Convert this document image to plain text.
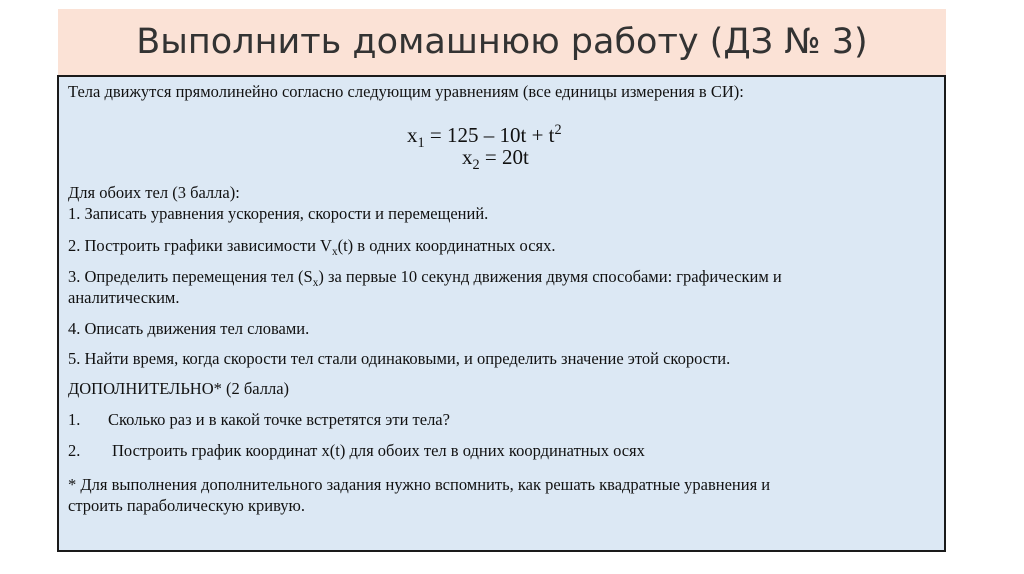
Выполнить домашнюю работу (ДЗ № 3)
Тела движутся прямолинейно согласно следующим уравнениям (все единицы измерения в СИ):
$x_1 = 125 - 10t + t^2$
$x_2 = 20t$
Для обоих тел (3 балла):
1. Записать уравнения ускорения, скорости и перемещений.
2. Построить графики зависимости $V_x(t)$ в одних координатных осях.
3. Определить перемещения тел $(S_x)$ за первые 10 секунд движения двумя способами: графическим и
аналитическим.
4. Описать движения тел словами.
5. Найти время, когда скорости тел стали одинаковыми, и определить значение этой скорости.
ДОПОЛНИТЕЛЬНО* (2 балла)
1. Сколько раз и в какой точке встретятся эти тела?
2. Построить график координат x(t) для обоих тел в одних координатных осях
* Для выполнения дополнительного задания нужно вспомнить, как решать квадратные уравнения и
строить параболическую кривую.
